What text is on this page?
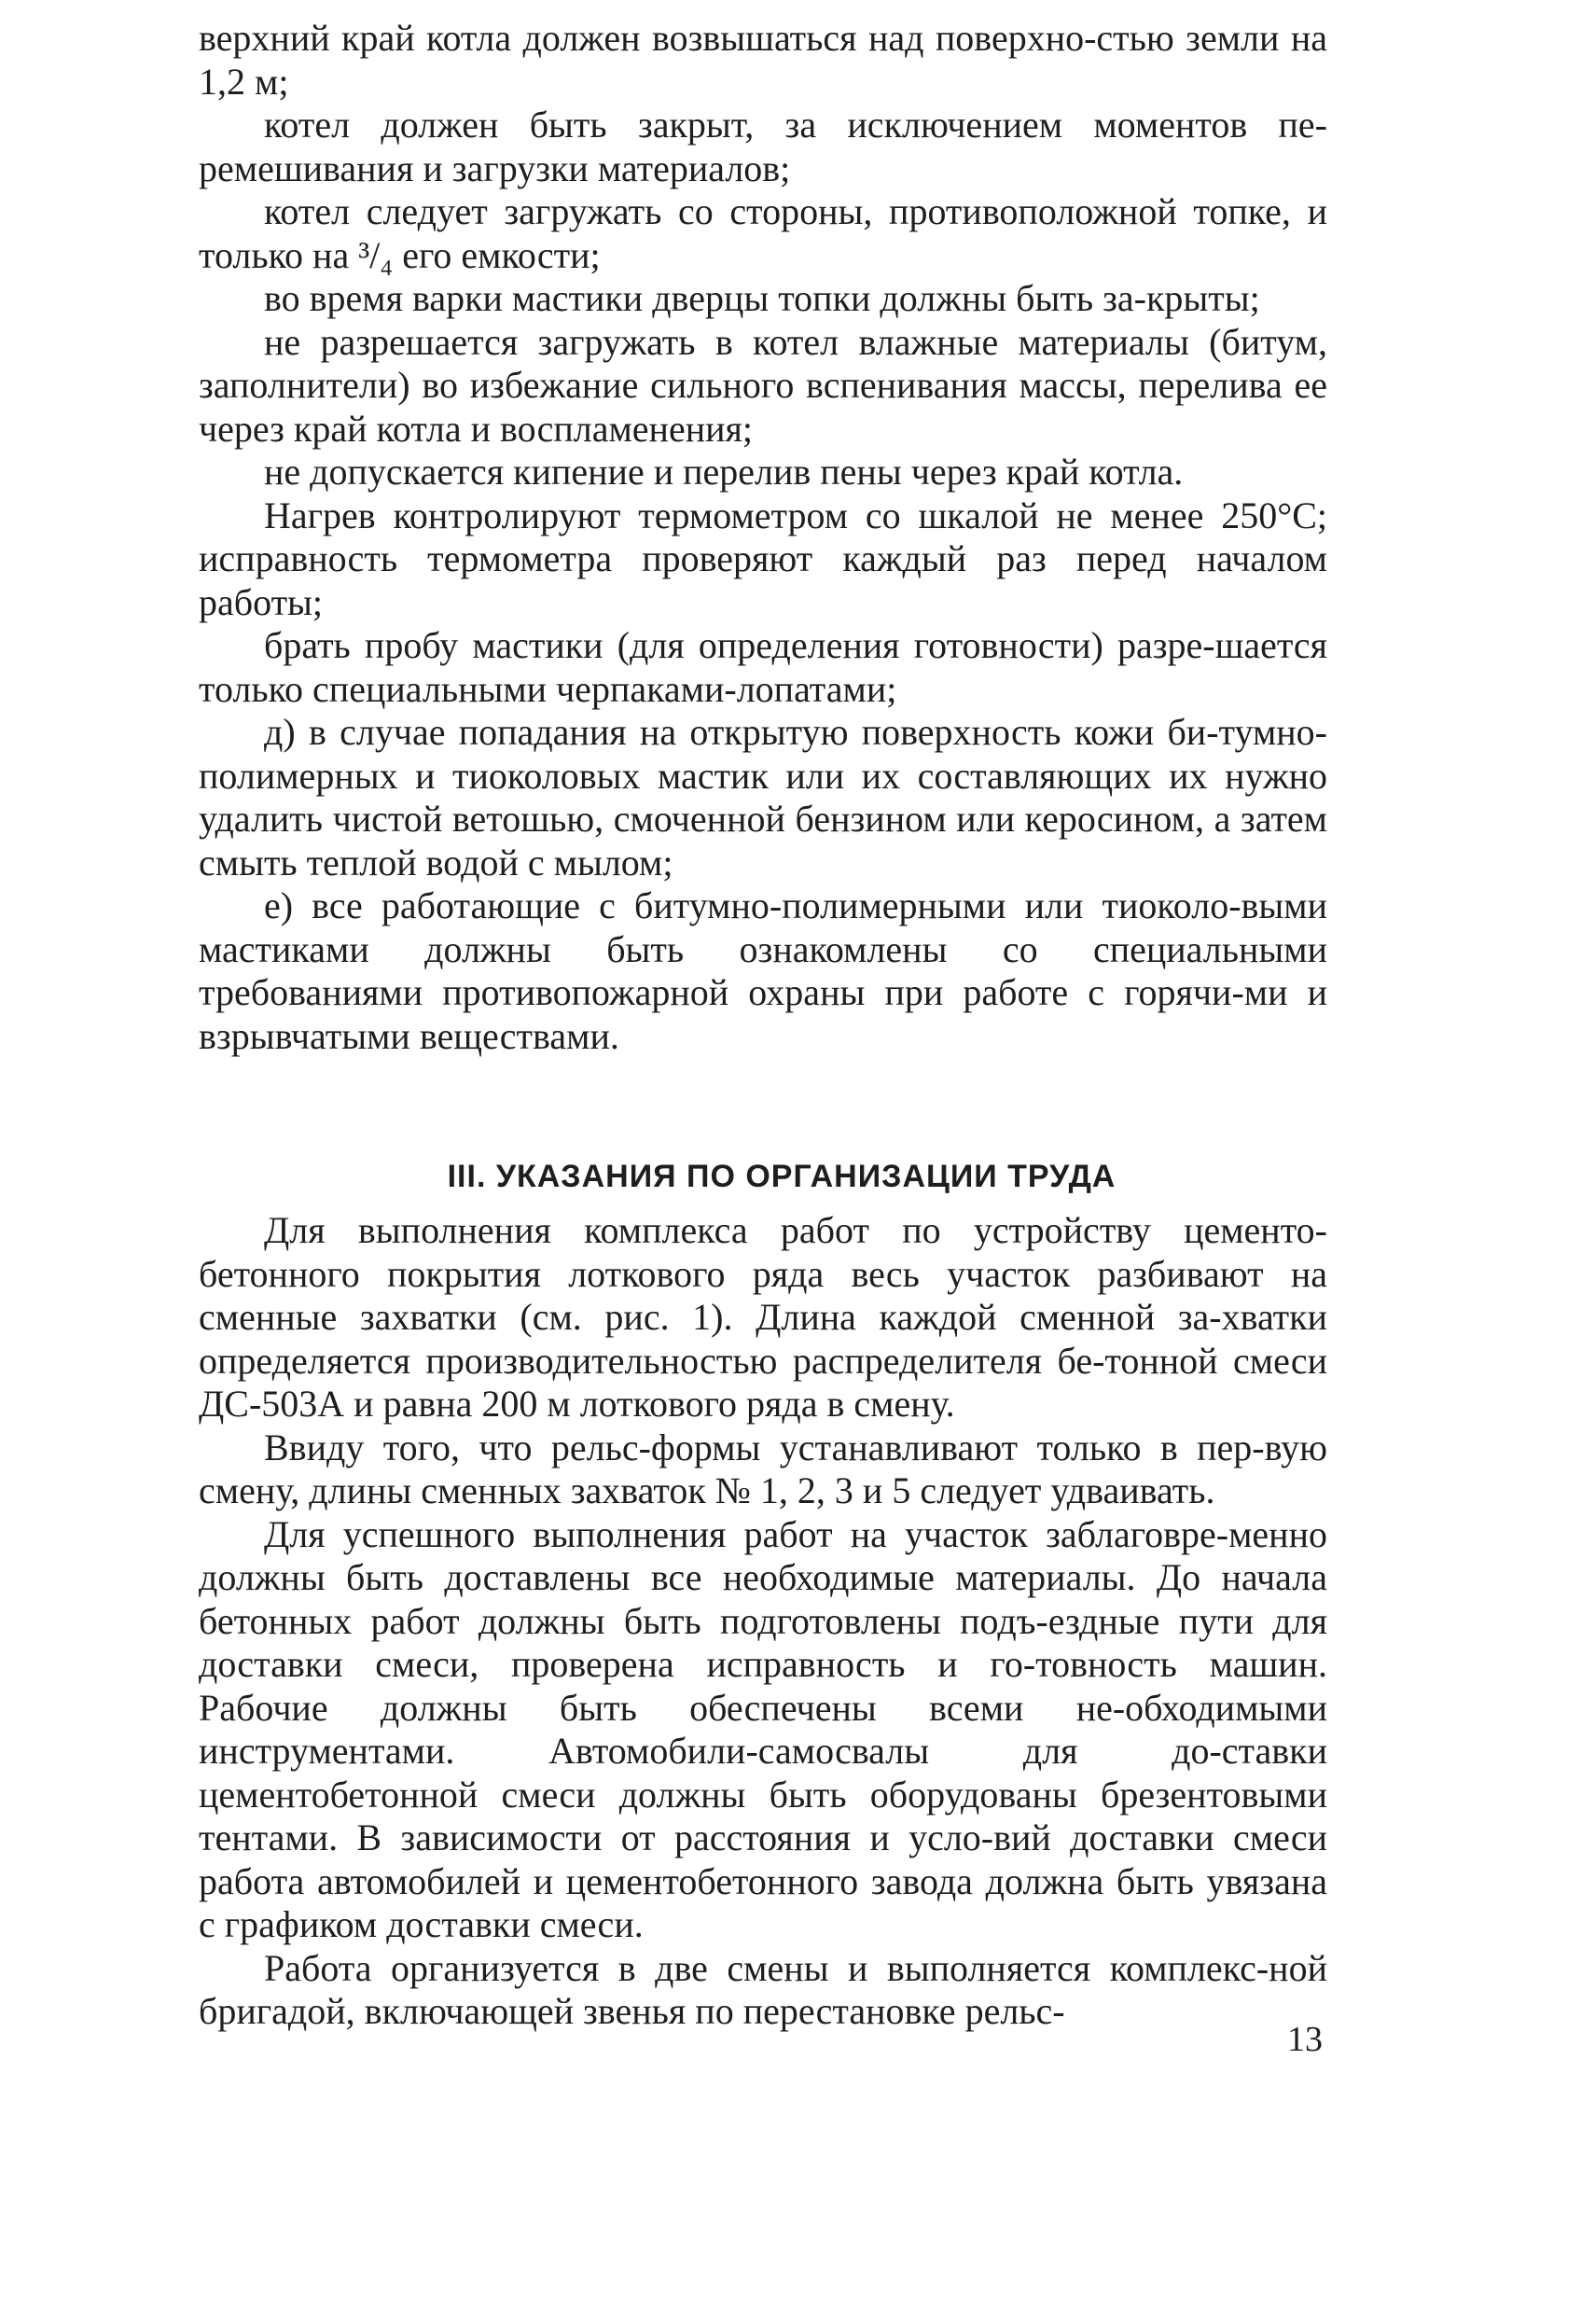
верхний край котла должен возвышаться над поверхно-стью земли на 1,2 м;

котел должен быть закрыт, за исключением моментов пе-ремешивания и загрузки материалов;

котел следует загружать со стороны, противоположной топке, и только на ³/₄ его емкости;

во время варки мастики дверцы топки должны быть за-крыты;

не разрешается загружать в котел влажные материалы (битум, заполнители) во избежание сильного вспенивания массы, перелива ее через край котла и воспламенения;

не допускается кипение и перелив пены через край котла.

Нагрев контролируют термометром со шкалой не менее 250°С; исправность термометра проверяют каждый раз перед началом работы;

брать пробу мастики (для определения готовности) разре-шается только специальными черпаками-лопатами;

д) в случае попадания на открытую поверхность кожи би-тумно-полимерных и тиоколовых мастик или их составляющих их нужно удалить чистой ветошью, смоченной бензином или керосином, а затем смыть теплой водой с мылом;

е) все работающие с битумно-полимерными или тиоколо-выми мастиками должны быть ознакомлены со специальными требованиями противопожарной охраны при работе с горячи-ми и взрывчатыми веществами.

III. УКАЗАНИЯ ПО ОРГАНИЗАЦИИ ТРУДА

Для выполнения комплекса работ по устройству цементо-бетонного покрытия лоткового ряда весь участок разбивают на сменные захватки (см. рис. 1). Длина каждой сменной за-хватки определяется производительностью распределителя бе-тонной смеси ДС-503А и равна 200 м лоткового ряда в смену.

Ввиду того, что рельс-формы устанавливают только в пер-вую смену, длины сменных захваток № 1, 2, 3 и 5 следует удваивать.

Для успешного выполнения работ на участок заблаговре-менно должны быть доставлены все необходимые материалы. До начала бетонных работ должны быть подготовлены подъ-ездные пути для доставки смеси, проверена исправность и го-товность машин. Рабочие должны быть обеспечены всеми не-обходимыми инструментами. Автомобили-самосвалы для до-ставки цементобетонной смеси должны быть оборудованы брезентовыми тентами. В зависимости от расстояния и усло-вий доставки смеси работа автомобилей и цементобетонного завода должна быть увязана с графиком доставки смеси.

Работа организуется в две смены и выполняется комплекс-ной бригадой, включающей звенья по перестановке рельс-

13
